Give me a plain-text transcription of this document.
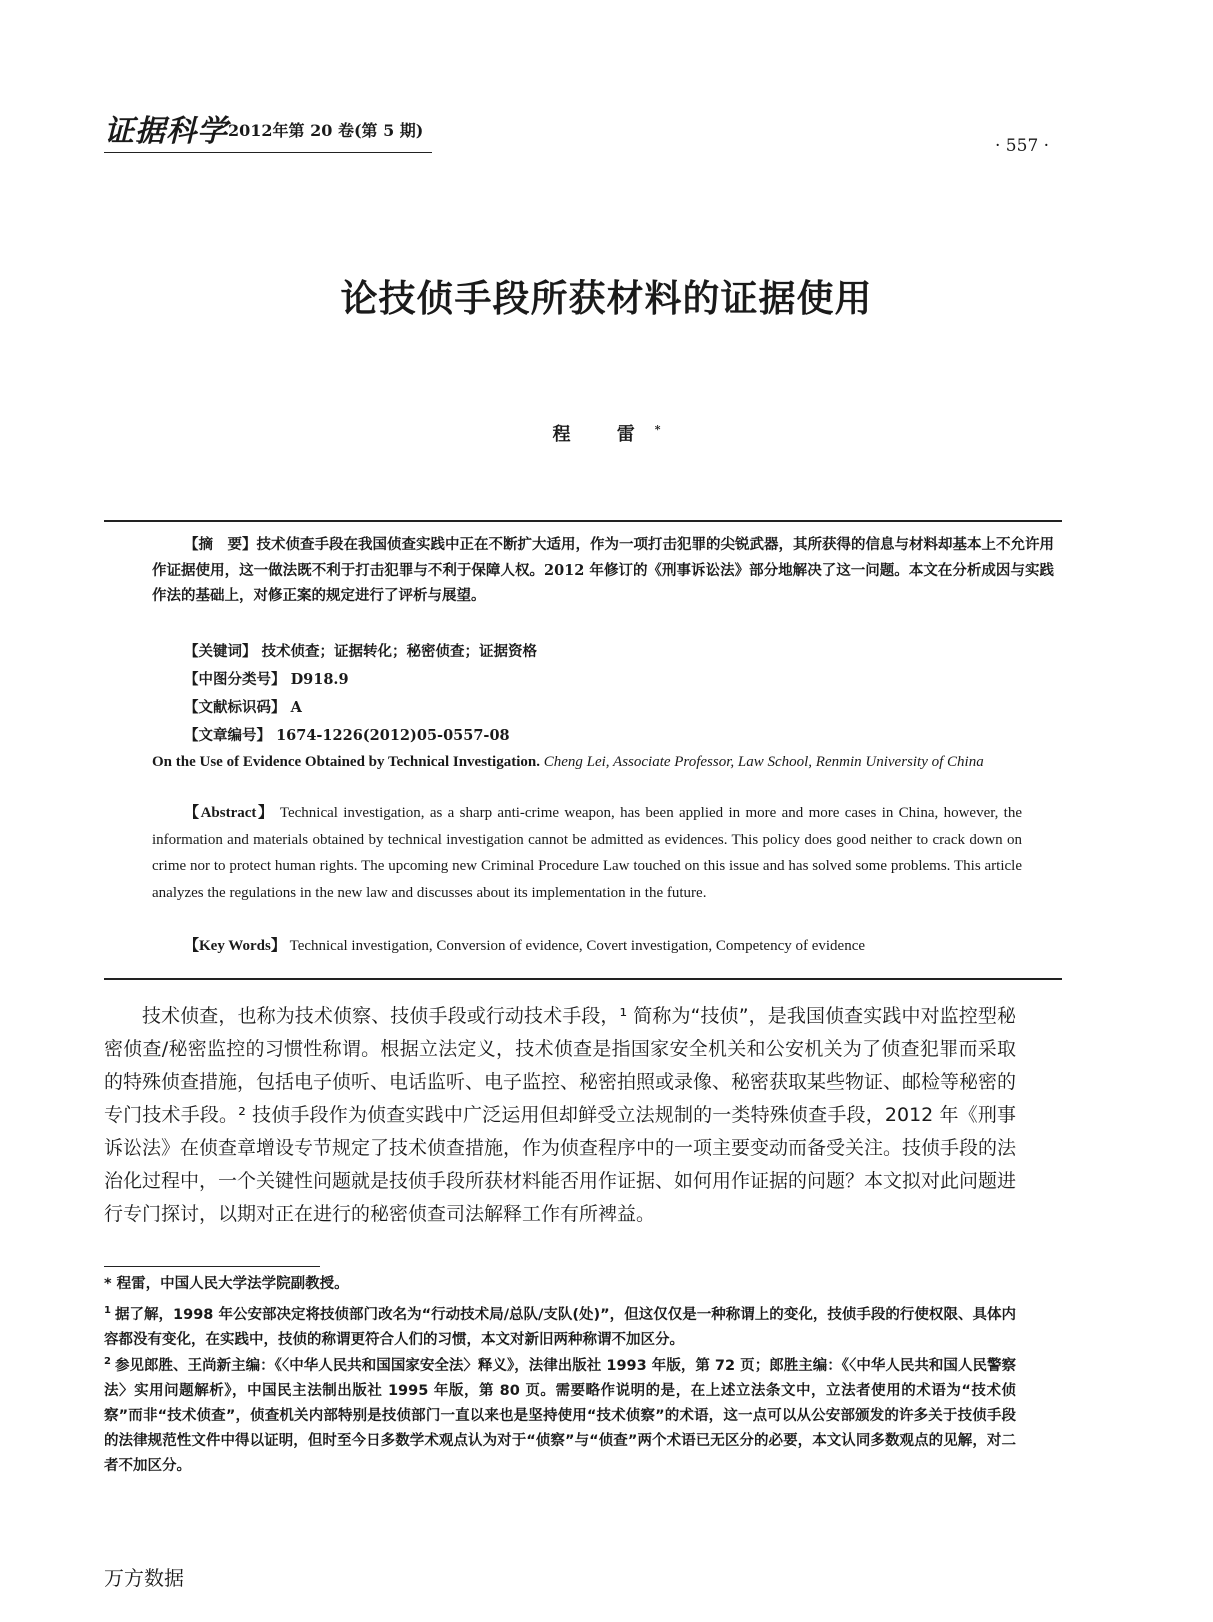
证据科学 2012年第 20 卷(第 5 期)
· 557 ·
论技侦手段所获材料的证据使用
程 雷*
【摘　要】技术侦查手段在我国侦查实践中正在不断扩大适用，作为一项打击犯罪的尖锐武器，其所获得的信息与材料却基本上不允许用作证据使用，这一做法既不利于打击犯罪与不利于保障人权。2012 年修订的《刑事诉讼法》部分地解决了这一问题。本文在分析成因与实践作法的基础上，对修正案的规定进行了评析与展望。
【关键词】 技术侦查；证据转化；秘密侦查；证据资格
【中图分类号】 D918.9
【文献标识码】 A
【文章编号】 1674-1226(2012)05-0557-08
On the Use of Evidence Obtained by Technical Investigation. Cheng Lei, Associate Professor, Law School, Renmin University of China
【Abstract】 Technical investigation, as a sharp anti-crime weapon, has been applied in more and more cases in China, however, the information and materials obtained by technical investigation cannot be admitted as evidences. This policy does good neither to crack down on crime nor to protect human rights. The upcoming new Criminal Procedure Law touched on this issue and has solved some problems. This article analyzes the regulations in the new law and discusses about its implementation in the future.
【Key Words】 Technical investigation, Conversion of evidence, Covert investigation, Competency of evidence
技术侦查，也称为技术侦察、技侦手段或行动技术手段，¹ 简称为“技侦”，是我国侦查实践中对监控型秘密侦查/秘密监控的习惯性称谓。根据立法定义，技术侦查是指国家安全机关和公安机关为了侦查犯罪而采取的特殊侦查措施，包括电子侦听、电话监听、电子监控、秘密拍照或录像、秘密获取某些物证、邮检等秘密的专门技术手段。² 技侦手段作为侦查实践中广泛运用但却鲜受立法规制的一类特殊侦查手段，2012 年《刑事诉讼法》在侦查章增设专节规定了技术侦查措施，作为侦查程序中的一项主要变动而备受关注。技侦手段的法治化过程中，一个关键性问题就是技侦手段所获材料能否用作证据、如何用作证据的问题？本文拟对此问题进行专门探讨，以期对正在进行的秘密侦查司法解释工作有所裨益。
* 程雷，中国人民大学法学院副教授。
$^1$ 据了解，1998 年公安部决定将技侦部门改名为“行动技术局/总队/支队(处)”，但这仅仅是一种称谓上的变化，技侦手段的行使权限、具体内容都没有变化，在实践中，技侦的称谓更符合人们的习惯，本文对新旧两种称谓不加区分。
$^2$ 参见郎胜、王尚新主编：《〈中华人民共和国国家安全法〉释义》，法律出版社 1993 年版，第 72 页；郎胜主编：《〈中华人民共和国人民警察法〉实用问题解析》，中国民主法制出版社 1995 年版，第 80 页。需要略作说明的是，在上述立法条文中，立法者使用的术语为“技术侦察”而非“技术侦查”，侦查机关内部特别是技侦部门一直以来也是坚持使用“技术侦察”的术语，这一点可以从公安部颁发的许多关于技侦手段的法律规范性文件中得以证明，但时至今日多数学术观点认为对于“侦察”与“侦查”两个术语已无区分的必要，本文认同多数观点的见解，对二者不加区分。
万方数据
